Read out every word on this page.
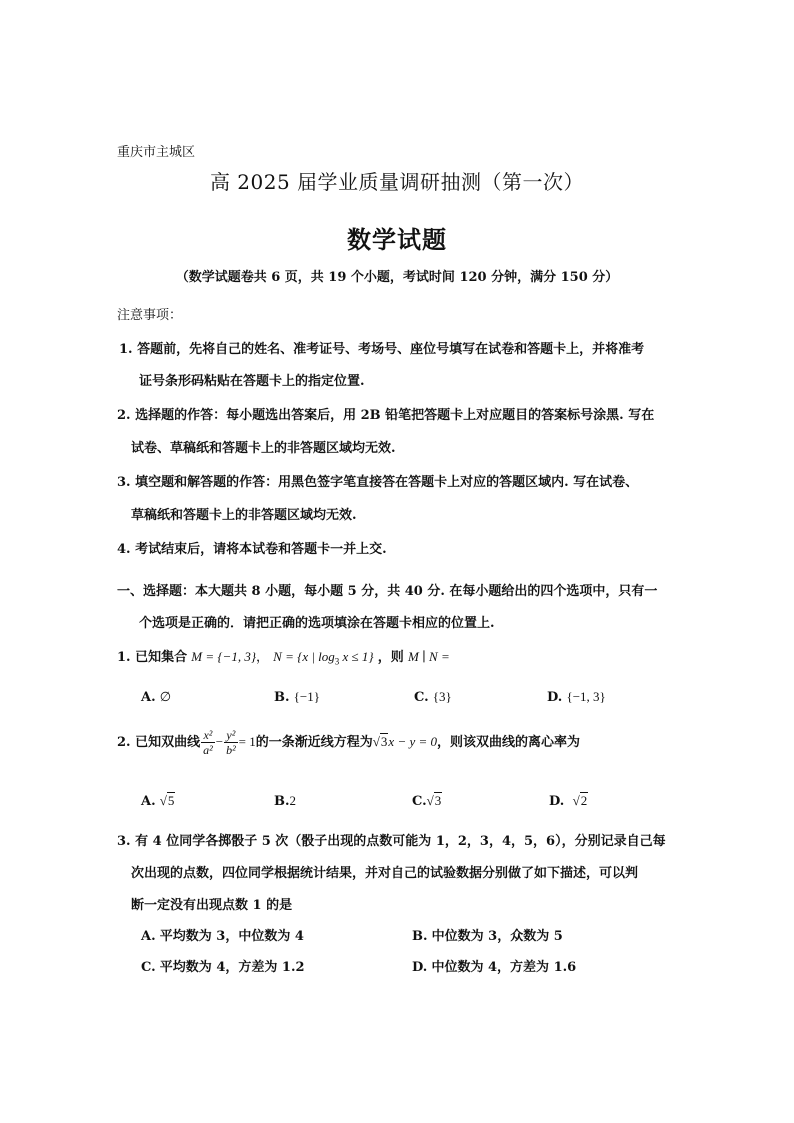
重庆市主城区
高 2025 届学业质量调研抽测（第一次）
数学试题
（数学试题卷共 6 页，共 19 个小题，考试时间 120 分钟，满分 150 分）
注意事项：
1. 答题前，先将自己的姓名、准考证号、考场号、座位号填写在试卷和答题卡上，并将准考
证号条形码粘贴在答题卡上的指定位置.
2. 选择题的作答：每小题选出答案后，用 2B 铅笔把答题卡上对应题目的答案标号涂黑. 写在
试卷、草稿纸和答题卡上的非答题区域均无效.
3. 填空题和解答题的作答：用黑色签字笔直接答在答题卡上对应的答题区域内. 写在试卷、
草稿纸和答题卡上的非答题区域均无效.
4. 考试结束后，请将本试卷和答题卡一并上交.
一、选择题：本大题共 8 小题，每小题 5 分，共 40 分. 在每小题给出的四个选项中，只有一
个选项是正确的．请把正确的选项填涂在答题卡相应的位置上.
1. 已知集合 M = {−1, 3}， N = {x | $\log_3 x \le 1$} ，则 M ∣ N =
A. ∅	B. {−1}	C. {3}	D. {−1, 3}
2. 已知双曲线 $\frac{\text{x²}}{\text{a²}} - \frac{\text{y²}}{\text{b²}} = 1$的一条渐近线方程为√3x − y = 0，则该双曲线的离心率为
A. √5	B.2	C.√3	D. √2
3. 有 4 位同学各掷骰子 5 次（骰子出现的点数可能为 1，2，3，4，5，6），分别记录自己每
次出现的点数，四位同学根据统计结果，并对自己的试验数据分别做了如下描述，可以判
断一定没有出现点数 1 的是
A. 平均数为 3，中位数为 4	B. 中位数为 3，众数为 5
C. 平均数为 4，方差为 1.2	D. 中位数为 4，方差为 1.6
